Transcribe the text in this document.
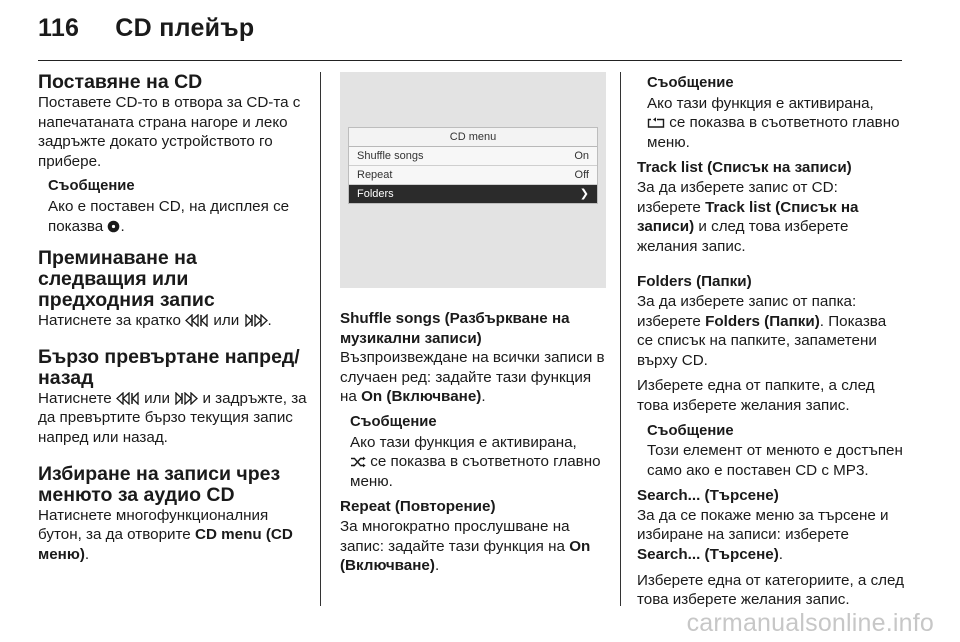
116 CD плейър
Поставяне на CD

Поставете CD-то в отвора за CD-та с напечатаната страна нагоре и леко задръжте докато устройството го прибере.

Съобщение

Ако е поставен CD, на дисплея се показва .

Преминаване на следващия или предходния запис

Натиснете за кратко или .

Бързо превъртане напред/назад

Натиснете или и задръжте, за да превъртите бързо текущия запис напред или назад.

Избиране на записи чрез менюто за аудио CD

Натиснете многофункционалния бутон, за да отворите CD menu (CD меню).

CD menu
Shuffle songs	On
Repeat	Off
Folders	❯
Shuffle songs (Разбъркване на музикални записи)

Възпроизвеждане на всички записи в случаен ред: задайте тази функция на On (Включване).

Съобщение

Ако тази функция е активирана,
се показва в съответното главно меню.

Repeat (Повторение)

За многократно прослушване на запис: задайте тази функция на On (Включване).

Съобщение

Ако тази функция е активирана,
се показва в съответното главно меню.

Track list (Списък на записи)

За да изберете запис от CD: изберете Track list (Списък на записи) и след това изберете желания запис.

Folders (Папки)

За да изберете запис от папка: изберете Folders (Папки). Показва се списък на папките, запаметени върху CD.

Изберете една от папките, а след това изберете желания запис.

Съобщение

Този елемент от менюто е достъпен само ако е поставен CD с MP3.

Search... (Търсене)

За да се покаже меню за търсене и избиране на записи: изберете Search... (Търсене).

Изберете една от категориите, а след това изберете желания запис.

carmanualsonline.info
